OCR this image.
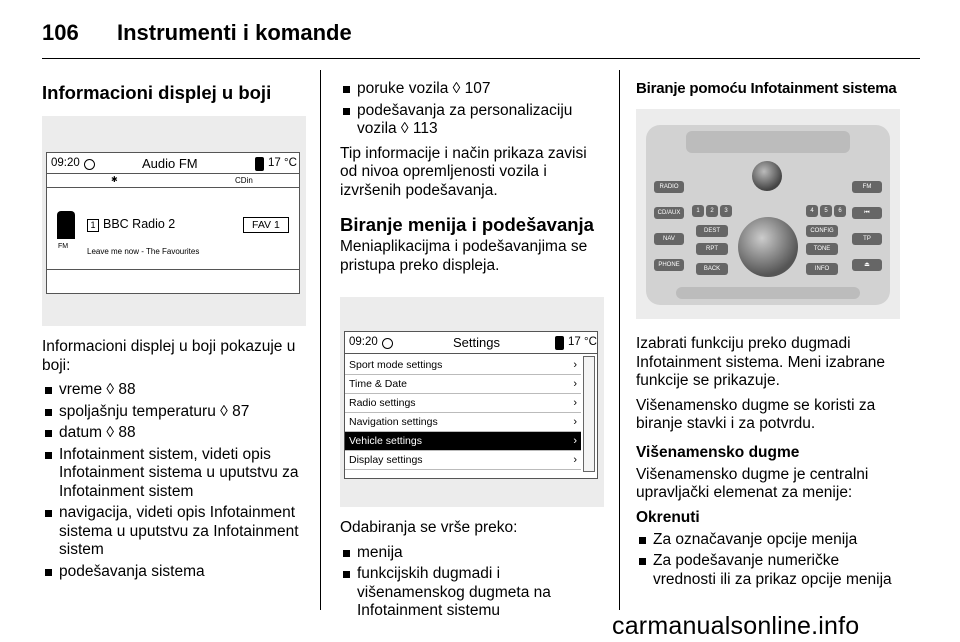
106 Instrumenti i komande
Informacioni displej u boji
09:20	Audio FM	17 °C
✱	CDin
FM
1 BBC Radio 2	FAV 1
Leave me now - The Favourites

Informacioni displej u boji pokazuje u boji:

vreme ◊ 88
spoljašnju temperaturu ◊ 87
datum ◊ 88
Infotainment sistem, videti opis Infotainment sistema u uputstvu za Infotainment sistem
navigacija, videti opis Infotainment sistema u uputstvu za Infotainment sistem
podešavanja sistema
poruke vozila ◊ 107
podešavanja za personalizaciju vozila ◊ 113

Tip informacije i način prikaza zavisi od nivoa opremljenosti vozila i izvršenih podešavanja.

Biranje menija i podešavanja

Meniaplikacijma i podešavanjima se pristupa preko displeja.

09:20	Settings	17 °C
Sport mode settings	›
Time & Date	›
Radio settings	›
Navigation settings	›
Vehicle settings	›
Display settings	›

Odabiranja se vrše preko:

menija
funkcijskih dugmadi i višenamenskog dugmeta na Infotainment sistemu
Biranje pomoću Infotainment sistema
RADIO
CD/AUX
NAV
PHONE
FM
⏮
TP
⏏
1	2	3	4	5	6
DEST	CONFIG
RPT	TONE
BACK	INFO

Izabrati funkciju preko dugmadi Infotainment sistema. Meni izabrane funkcije se prikazuje.

Višenamensko dugme se koristi za biranje stavki i za potvrdu.

Višenamensko dugme

Višenamensko dugme je centralni upravljački elemenat za menije:

Okrenuti
Za označavanje opcije menija
Za podešavanje numeričke vrednosti ili za prikaz opcije menija
carmanualsonline.info
